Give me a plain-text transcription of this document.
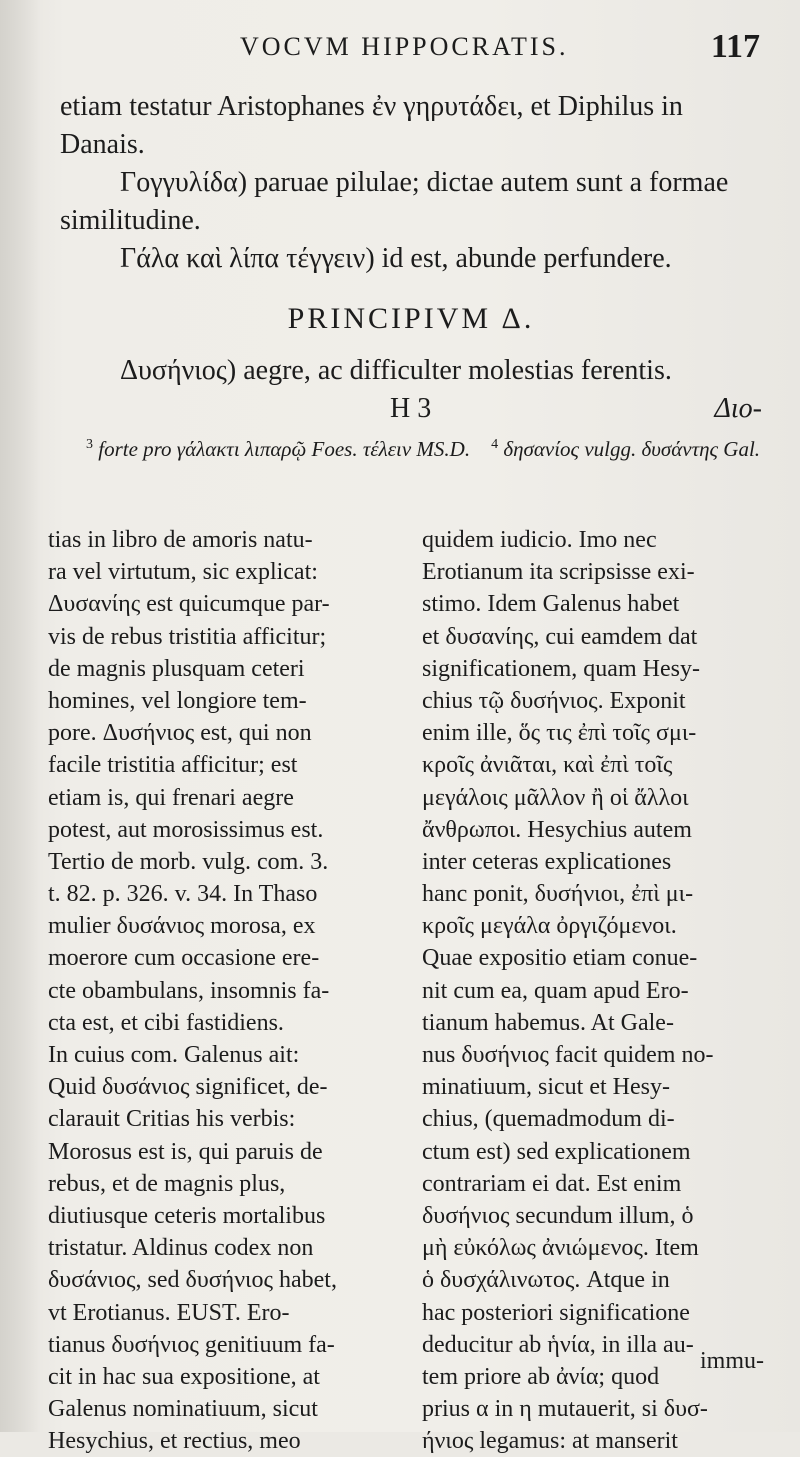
VOCVM HIPPOCRATIS.	117

etiam testatur Aristophanes ἐν γηρυτάδει, et Diphilus in Danais.

Γογγυλίδα) paruae pilulae; dictae autem sunt a formae similitudine.

Γάλα καὶ λίπα τέγγειν) id est, abunde perfundere.

PRINCIPIVM Δ.

Δυσήνιος) aegre, ac difficulter molestias ferentis.

H 3	Διο-

$^3$ forte pro γάλακτι λιπαρῷ Foes. τέλειν MS.D. $^4$ δησανίος vulgg. δυσάντης Gal.

tias in libro de amoris natu-
ra vel virtutum, sic explicat:
Δυσανίης est quicumque par-
vis de rebus tristitia afficitur;
de magnis plusquam ceteri
homines, vel longiore tem-
pore. Δυσήνιος est, qui non
facile tristitia afficitur; est
etiam is, qui frenari aegre
potest, aut morosissimus est.
Tertio de morb. vulg. com. 3.
t. 82. p. 326. v. 34. In Thaso
mulier δυσάνιος morosa, ex
moerore cum occasione ere-
cte obambulans, insomnis fa-
cta est, et cibi fastidiens.
In cuius com. Galenus ait:
Quid δυσάνιος significet, de-
clarauit Critias his verbis:
Morosus est is, qui paruis de
rebus, et de magnis plus,
diutiusque ceteris mortalibus
tristatur. Aldinus codex non
δυσάνιος, sed δυσήνιος habet,
vt Erotianus. EUST. Ero-
tianus δυσήνιος genitiuum fa-
cit in hac sua expositione, at
Galenus nominatiuum, sicut
Hesychius, et rectius, meo
quidem iudicio. Imo nec
Erotianum ita scripsisse exi-
stimo. Idem Galenus habet
et δυσανίης, cui eamdem dat
significationem, quam Hesy-
chius τῷ δυσήνιος. Exponit
enim ille, ὅς τις ἐπὶ τοῖς σμι-
κροῖς ἀνιᾶται, καὶ ἐπὶ τοῖς
μεγάλοις μᾶλλον ἢ οἱ ἄλλοι
ἄνθρωποι. Hesychius autem
inter ceteras explicationes
hanc ponit, δυσήνιοι, ἐπὶ μι-
κροῖς μεγάλα ὀργιζόμενοι.
Quae expositio etiam conue-
nit cum ea, quam apud Ero-
tianum habemus. At Gale-
nus δυσήνιος facit quidem no-
minatiuum, sicut et Hesy-
chius, (quemadmodum di-
ctum est) sed explicationem
contrariam ei dat. Est enim
δυσήνιος secundum illum, ὁ
μὴ εὐκόλως ἀνιώμενος. Item
ὁ δυσχάλινωτος. Atque in
hac posteriori significatione
deducitur ab ἡνία, in illa au-
tem priore ab ἀνία; quod
prius α in η mutauerit, si δυσ-
ήνιος legamus: at manserit
immu-
